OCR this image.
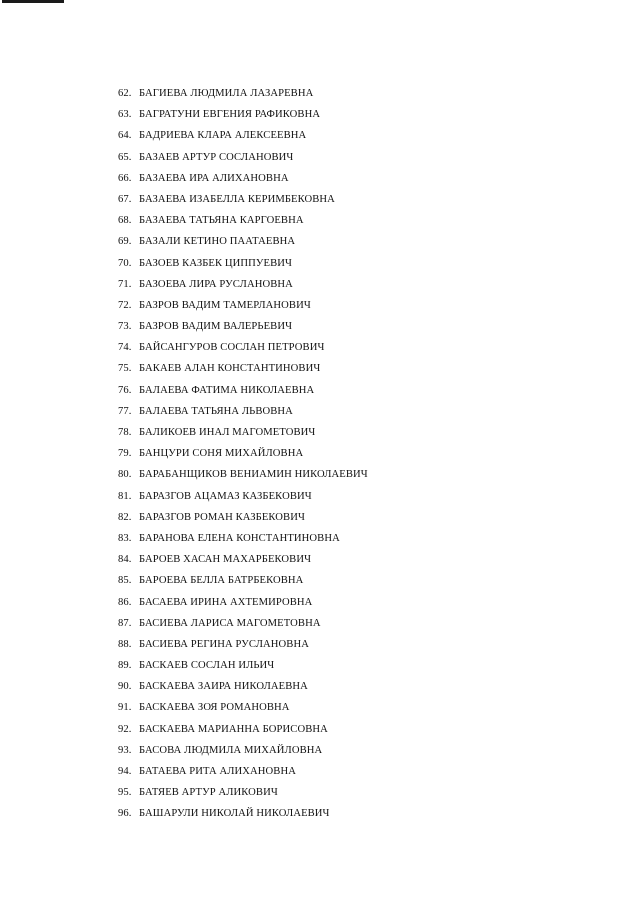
62. БАГИЕВА ЛЮДМИЛА ЛАЗАРЕВНА
63. БАГРАТУНИ ЕВГЕНИЯ РАФИКОВНА
64. БАДРИЕВА КЛАРА АЛЕКСЕЕВНА
65. БАЗАЕВ АРТУР СОСЛАНОВИЧ
66. БАЗАЕВА ИРА АЛИХАНОВНА
67. БАЗАЕВА ИЗАБЕЛЛА КЕРИМБЕКОВНА
68. БАЗАЕВА ТАТЬЯНА КАРГОЕВНА
69. БАЗАЛИ КЕТИНО ПААТАЕВНА
70. БАЗОЕВ КАЗБЕК ЦИППУЕВИЧ
71. БАЗОЕВА ЛИРА РУСЛАНОВНА
72. БАЗРОВ ВАДИМ ТАМЕРЛАНОВИЧ
73. БАЗРОВ ВАДИМ ВАЛЕРЬЕВИЧ
74. БАЙСАНГУРОВ СОСЛАН ПЕТРОВИЧ
75. БАКАЕВ АЛАН КОНСТАНТИНОВИЧ
76. БАЛАЕВА ФАТИМА НИКОЛАЕВНА
77. БАЛАЕВА ТАТЬЯНА ЛЬВОВНА
78. БАЛИКОЕВ ИНАЛ МАГОМЕТОВИЧ
79. БАНЦУРИ СОНЯ МИХАЙЛОВНА
80. БАРАБАНЩИКОВ ВЕНИАМИН НИКОЛАЕВИЧ
81. БАРАЗГОВ АЦАМАЗ КАЗБЕКОВИЧ
82. БАРАЗГОВ РОМАН КАЗБЕКОВИЧ
83. БАРАНОВА ЕЛЕНА КОНСТАНТИНОВНА
84. БАРОЕВ ХАСАН МАХАРБЕКОВИЧ
85. БАРОЕВА БЕЛЛА БАТРБЕКОВНА
86. БАСАЕВА ИРИНА АХТЕМИРОВНА
87. БАСИЕВА ЛАРИСА МАГОМЕТОВНА
88. БАСИЕВА РЕГИНА РУСЛАНОВНА
89. БАСКАЕВ СОСЛАН ИЛЬИЧ
90. БАСКАЕВА ЗАИРА НИКОЛАЕВНА
91. БАСКАЕВА ЗОЯ РОМАНОВНА
92. БАСКАЕВА МАРИАННА БОРИСОВНА
93. БАСОВА ЛЮДМИЛА МИХАЙЛОВНА
94. БАТАЕВА РИТА АЛИХАНОВНА
95. БАТЯЕВ АРТУР АЛИКОВИЧ
96. БАШАРУЛИ НИКОЛАЙ НИКОЛАЕВИЧ
